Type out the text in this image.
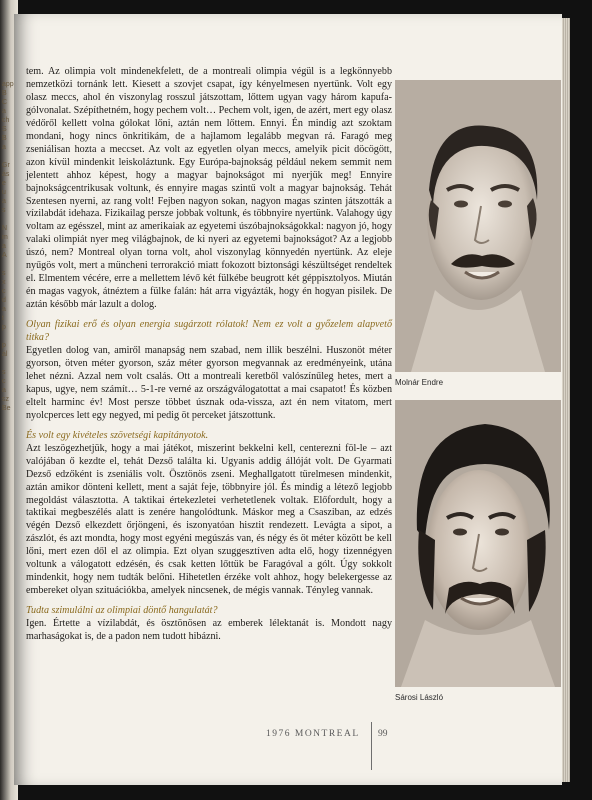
app
B
C
a
ch
S
B
a
Gr
ás
e
u
a
s
N
m
a
A
s
x
c
d
a
t
p
p
ál
s
c
a
sz
Be

tem. Az olimpia volt mindenekfelett, de a montreali olimpia végül is a legkönnyebb nemzetközi tornánk lett. Kiesett a szovjet csapat, így kényelmesen nyertünk. Volt egy olasz meccs, ahol én viszonylag rosszul játszottam, lőttem ugyan vagy három kapufa-gólvonalat. Szépíthetném, hogy pechem volt… Pechem volt, igen, de azért, mert egy olasz védőről kellett volna gólokat lőni, aztán nem lőttem. Ennyi. Én mindig azt szoktam mondani, hogy nincs önkritikám, de a hajlamom legalább megvan rá. Faragó meg zseniálisan hozta a meccset. Az volt az egyetlen olyan meccs, amelyik picit döcögött, azon kívül mindenkit leiskoláztunk. Egy Európa-bajnokság például nekem semmit nem jelentett ahhoz képest, hogy a magyar bajnokságot mi nyerjük meg! Ennyire bajnokságcentrikusak voltunk, és ennyire magas szintű volt a magyar bajnokság. Tehát Szentesen nyerni, az rang volt! Fejben nagyon sokan, nagyon magas szinten játszották a vízilabdát idehaza. Fizikailag persze jobbak voltunk, és többnyire nyertünk. Valahogy úgy voltam az egésszel, mint az amerikaiak az egyetemi úszóbajnokságokkal: nagyon jó, hogy valaki olimpiát nyer meg világbajnok, de ki nyeri az egyetemi bajnokságot? Az a legjobb úszó, nem? Montreal olyan torna volt, ahol viszonylag könnyedén nyertünk. Az eleje nyűgös volt, mert a müncheni terrorakció miatt fokozott biztonsági készültséget rendeltek el. Elmentem vécére, erre a mellettem lévő két fülkébe beugrott két géppisztolyos. Miután én magas vagyok, átnéztem a fülke falán: hát arra vigyázták, hogy én hogyan pisilek. De aztán később már lazult a dolog.

Olyan fizikai erő és olyan energia sugárzott rólatok! Nem ez volt a győzelem alapvető titka?

Egyetlen dolog van, amiről manapság nem szabad, nem illik beszélni. Huszonöt méter gyorson, ötven méter gyorson, száz méter gyorson megvannak az eredményeink, utána lehet nézni. Azzal nem volt csalás. Ott a montreali keretből valószínűleg hetes, mert a kapus, ugye, nem számít… 5-1-re verné az országválogatottat a mai csapatot! És közben eltelt harminc év! Most persze többet úsznak oda-vissza, azt én nem vitatom, mert nyolcperces lett egy negyed, mi pedig öt perceket játszottunk.

És volt egy kivételes szövetségi kapitányotok.

Azt leszögezhetjük, hogy a mai játékot, miszerint bekkelni kell, centerezni föl-le – azt valójában ő kezdte el, tehát Dezső találta ki. Ugyanis addig állóját volt. De Gyarmati Dezső edzőként is zseniális volt. Ösztönös zseni. Meghallgatott türelmesen mindenkit, aztán amikor dönteni kellett, ment a saját feje, többnyire jól. És mindig a létező legjobb megoldást választotta. A taktikai értekezletei verhetetlenek voltak. Előfordult, hogy a taktikai megbeszélés alatt is zenére hangolódtunk. Máskor meg a Csasziban, az edzés végén Dezső elkezdett őrjöngeni, és iszonyatóan hisztit rendezett. Levágta a sipot, a zászlót, és azt mondta, hogy most egyéni megúszás van, és négy és öt méter között be kell lőni, mert ezen dől el az olimpia. Ezt olyan szuggesztíven adta elő, hogy tizennégyen voltunk a válogatott edzésén, és csak ketten lőttük be Faragóval a gólt. Úgy sokkolt mindenkit, hogy nem tudták belőni. Hihetetlen érzéke volt ahhoz, hogy belekergesse az embereket olyan szituációkba, amelyek nincsenek, de mégis vannak. Tényleg vannak.

Tudta szimulálni az olimpiai döntő hangulatát?

Igen. Értette a vízilabdát, és ösztönösen az emberek lélektanát is. Mondott nagy marhaságokat is, de a padon nem tudott hibázni.

Molnár Endre
Sárosi László
1976 MONTREAL 99
